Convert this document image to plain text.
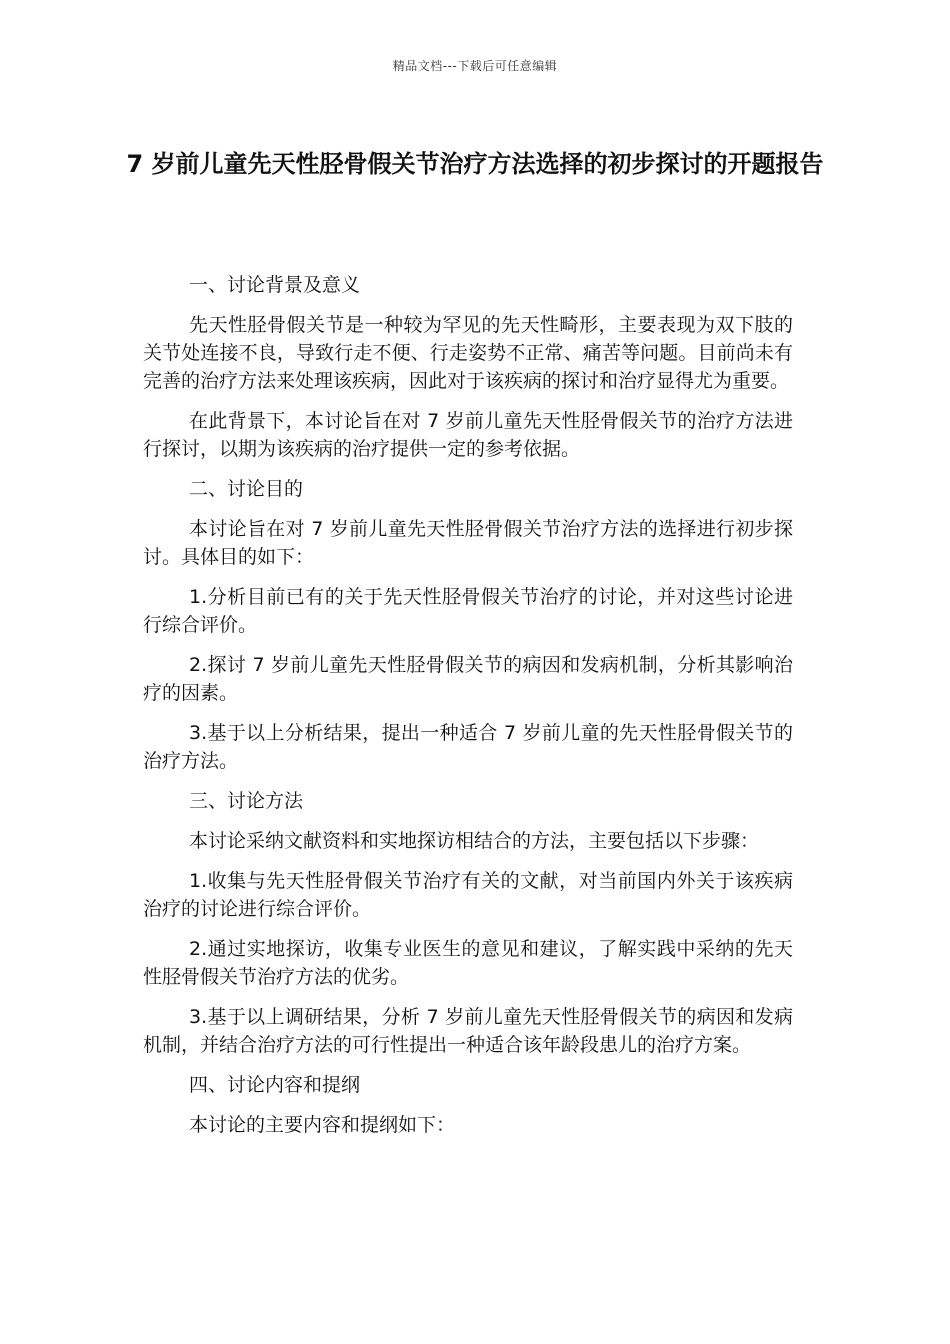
精品文档---下载后可任意编辑
7 岁前儿童先天性胫骨假关节治疗方法选择的初步探讨的开题报告
一、讨论背景及意义
先天性胫骨假关节是一种较为罕见的先天性畸形，主要表现为双下肢的关节处连接不良，导致行走不便、行走姿势不正常、痛苦等问题。目前尚未有完善的治疗方法来处理该疾病，因此对于该疾病的探讨和治疗显得尤为重要。
在此背景下，本讨论旨在对 7 岁前儿童先天性胫骨假关节的治疗方法进行探讨，以期为该疾病的治疗提供一定的参考依据。
二、讨论目的
本讨论旨在对 7 岁前儿童先天性胫骨假关节治疗方法的选择进行初步探讨。具体目的如下：
1.分析目前已有的关于先天性胫骨假关节治疗的讨论，并对这些讨论进行综合评价。
2.探讨 7 岁前儿童先天性胫骨假关节的病因和发病机制，分析其影响治疗的因素。
3.基于以上分析结果，提出一种适合 7 岁前儿童的先天性胫骨假关节的治疗方法。
三、讨论方法
本讨论采纳文献资料和实地探访相结合的方法，主要包括以下步骤：
1.收集与先天性胫骨假关节治疗有关的文献，对当前国内外关于该疾病治疗的讨论进行综合评价。
2.通过实地探访，收集专业医生的意见和建议，了解实践中采纳的先天性胫骨假关节治疗方法的优劣。
3.基于以上调研结果，分析 7 岁前儿童先天性胫骨假关节的病因和发病机制，并结合治疗方法的可行性提出一种适合该年龄段患儿的治疗方案。
四、讨论内容和提纲
本讨论的主要内容和提纲如下：
